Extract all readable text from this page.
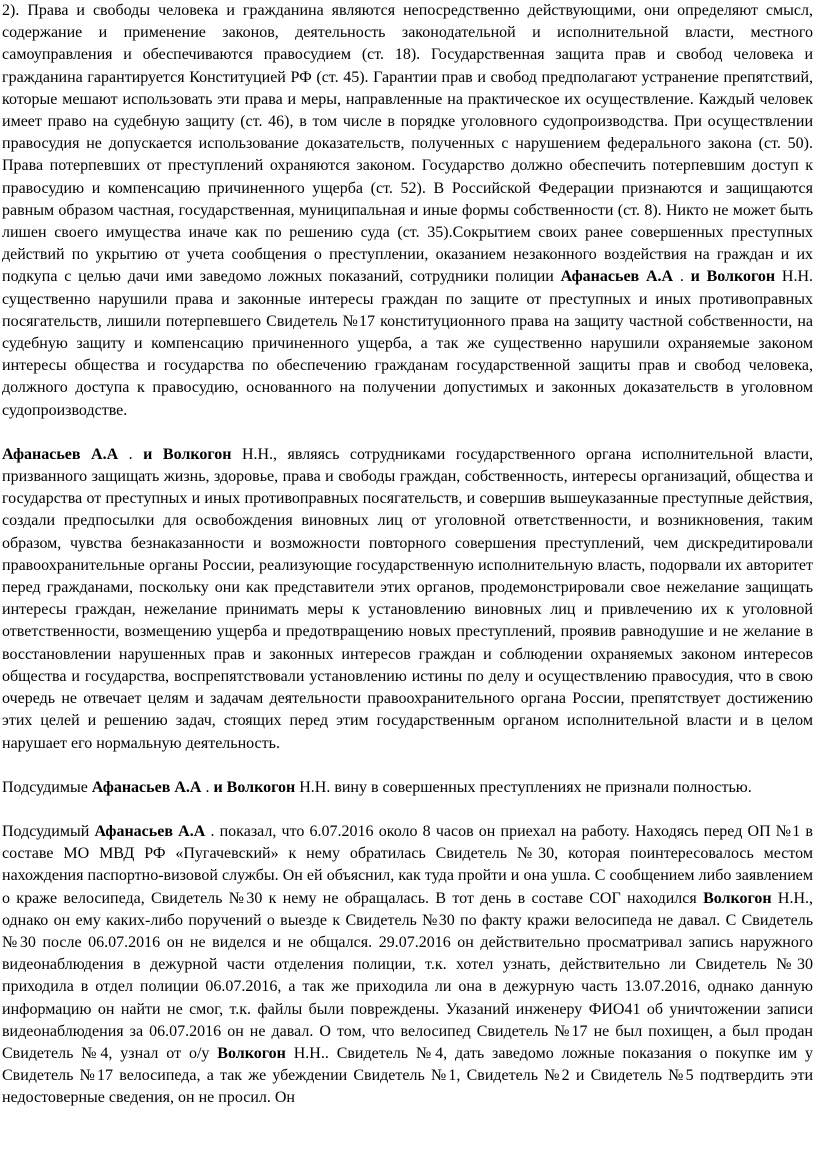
2). Права и свободы человека и гражданина являются непосредственно действующими, они определяют смысл, содержание и применение законов, деятельность законодательной и исполнительной власти, местного самоуправления и обеспечиваются правосудием (ст. 18). Государственная защита прав и свобод человека и гражданина гарантируется Конституцией РФ (ст. 45). Гарантии прав и свобод предполагают устранение препятствий, которые мешают использовать эти права и меры, направленные на практическое их осуществление. Каждый человек имеет право на судебную защиту (ст. 46), в том числе в порядке уголовного судопроизводства. При осуществлении правосудия не допускается использование доказательств, полученных с нарушением федерального закона (ст. 50). Права потерпевших от преступлений охраняются законом. Государство должно обеспечить потерпевшим доступ к правосудию и компенсацию причиненного ущерба (ст. 52). В Российской Федерации признаются и защищаются равным образом частная, государственная, муниципальная и иные формы собственности (ст. 8). Никто не может быть лишен своего имущества иначе как по решению суда (ст. 35).Сокрытием своих ранее совершенных преступных действий по укрытию от учета сообщения о преступлении, оказанием незаконного воздействия на граждан и их подкупа с целью дачи ими заведомо ложных показаний, сотрудники полиции Афанасьев А.А . и Волкогон Н.Н. существенно нарушили права и законные интересы граждан по защите от преступных и иных противоправных посягательств, лишили потерпевшего Свидетель №17 конституционного права на защиту частной собственности, на судебную защиту и компенсацию причиненного ущерба, а так же существенно нарушили охраняемые законом интересы общества и государства по обеспечению гражданам государственной защиты прав и свобод человека, должного доступа к правосудию, основанного на получении допустимых и законных доказательств в уголовном судопроизводстве.

Афанасьев А.А . и Волкогон Н.Н., являясь сотрудниками государственного органа исполнительной власти, призванного защищать жизнь, здоровье, права и свободы граждан, собственность, интересы организаций, общества и государства от преступных и иных противоправных посягательств, и совершив вышеуказанные преступные действия, создали предпосылки для освобождения виновных лиц от уголовной ответственности, и возникновения, таким образом, чувства безнаказанности и возможности повторного совершения преступлений, чем дискредитировали правоохранительные органы России, реализующие государственную исполнительную власть, подорвали их авторитет перед гражданами, поскольку они как представители этих органов, продемонстрировали свое нежелание защищать интересы граждан, нежелание принимать меры к установлению виновных лиц и привлечению их к уголовной ответственности, возмещению ущерба и предотвращению новых преступлений, проявив равнодушие и не желание в восстановлении нарушенных прав и законных интересов граждан и соблюдении охраняемых законом интересов общества и государства, воспрепятствовали установлению истины по делу и осуществлению правосудия, что в свою очередь не отвечает целям и задачам деятельности правоохранительного органа России, препятствует достижению этих целей и решению задач, стоящих перед этим государственным органом исполнительной власти и в целом нарушает его нормальную деятельность.

Подсудимые Афанасьев А.А . и Волкогон Н.Н. вину в совершенных преступлениях не признали полностью.

Подсудимый Афанасьев А.А . показал, что 6.07.2016 около 8 часов он приехал на работу. Находясь перед ОП №1 в составе МО МВД РФ «Пугачевский» к нему обратилась Свидетель №30, которая поинтересовалось местом нахождения паспортно-визовой службы. Он ей объяснил, как туда пройти и она ушла. С сообщением либо заявлением о краже велосипеда, Свидетель №30 к нему не обращалась. В тот день в составе СОГ находился Волкогон Н.Н., однако он ему каких-либо поручений о выезде к Свидетель №30 по факту кражи велосипеда не давал. С Свидетель №30 после 06.07.2016 он не виделся и не общался. 29.07.2016 он действительно просматривал запись наружного видеонаблюдения в дежурной части отделения полиции, т.к. хотел узнать, действительно ли Свидетель №30 приходила в отдел полиции 06.07.2016, а так же приходила ли она в дежурную часть 13.07.2016, однако данную информацию он найти не смог, т.к. файлы были повреждены. Указаний инженеру ФИО41 об уничтожении записи видеонаблюдения за 06.07.2016 он не давал. О том, что велосипед Свидетель №17 не был похищен, а был продан Свидетель №4, узнал от о/у Волкогон Н.Н.. Свидетель №4, дать заведомо ложные показания о покупке им у Свидетель №17 велосипеда, а так же убеждении Свидетель №1, Свидетель №2 и Свидетель №5 подтвердить эти недостоверные сведения, он не просил. Он
